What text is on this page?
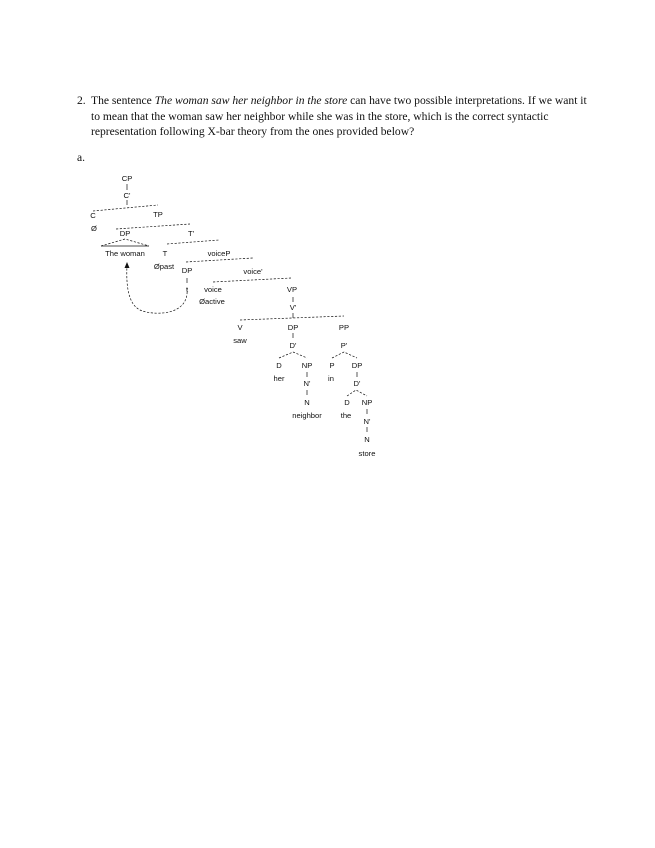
2. The sentence The woman saw her neighbor in the store can have two possible interpretations. If we want it to mean that the woman saw her neighbor while she was in the store, which is the correct syntactic representation following X-bar theory from the ones provided below?
a.
CP
C'
C
Ø
TP
DP	T'
The woman T	voiceP
Øpast DP	voice'
t voice	VP
Øactive
V'
V	DP	PP
saw
D'	P'
D	NP P DP
her	in
N'	D'
N	D NP
neighbor the
N'
N
store
